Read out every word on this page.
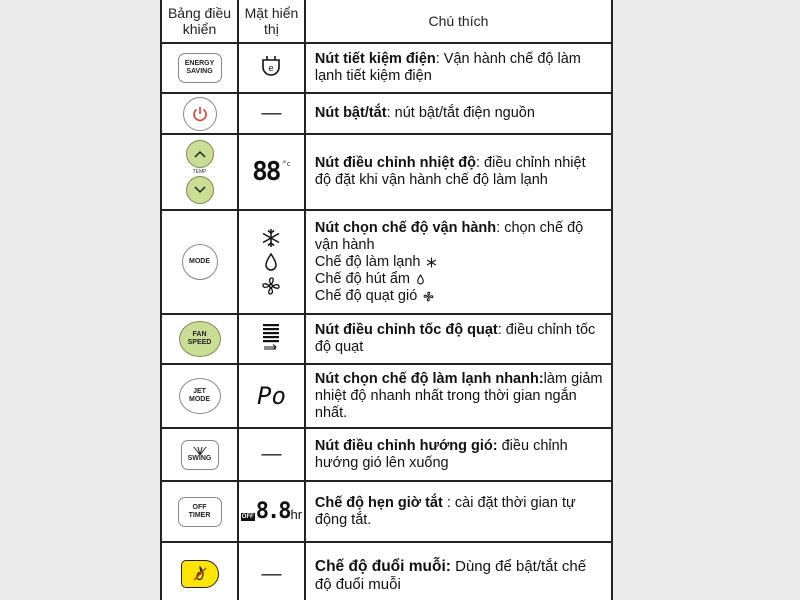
Bảng điều khiển	Mặt hiển thị	Chú thích

ENERGY SAVING	e	Nút tiết kiệm điện: Vận hành chế độ làm lạnh tiết kiệm điện

	—	Nút bật/tắt: nút bật/tắt điện nguồn

TEMP	88 $^{^\circ c}$	Nút điều chỉnh nhiệt độ: điều chỉnh nhiệt độ đặt khi vận hành chế độ làm lạnh

MODE		Nút chọn chế độ vận hành: chọn chế độ vận hành
Chế độ làm lạnh
Chế độ hút ẩm
Chế độ quạt gió

FAN SPEED		Nút điều chỉnh tốc độ quạt: điều chỉnh tốc độ quạt

JET MODE	Po	Nút chọn chế độ làm lạnh nhanh:làm giảm nhiệt độ nhanh nhất trong thời gian ngắn nhất.

SWING	—	Nút điều chỉnh hướng gió: điều chỉnh hướng gió lên xuống

OFF TIMER	OFF 8.8 hr	Chế độ hẹn giờ tắt : cài đặt thời gian tự động tắt.

	—	Chế độ đuổi muỗi: Dùng để bật/tắt chế độ đuổi muỗi
